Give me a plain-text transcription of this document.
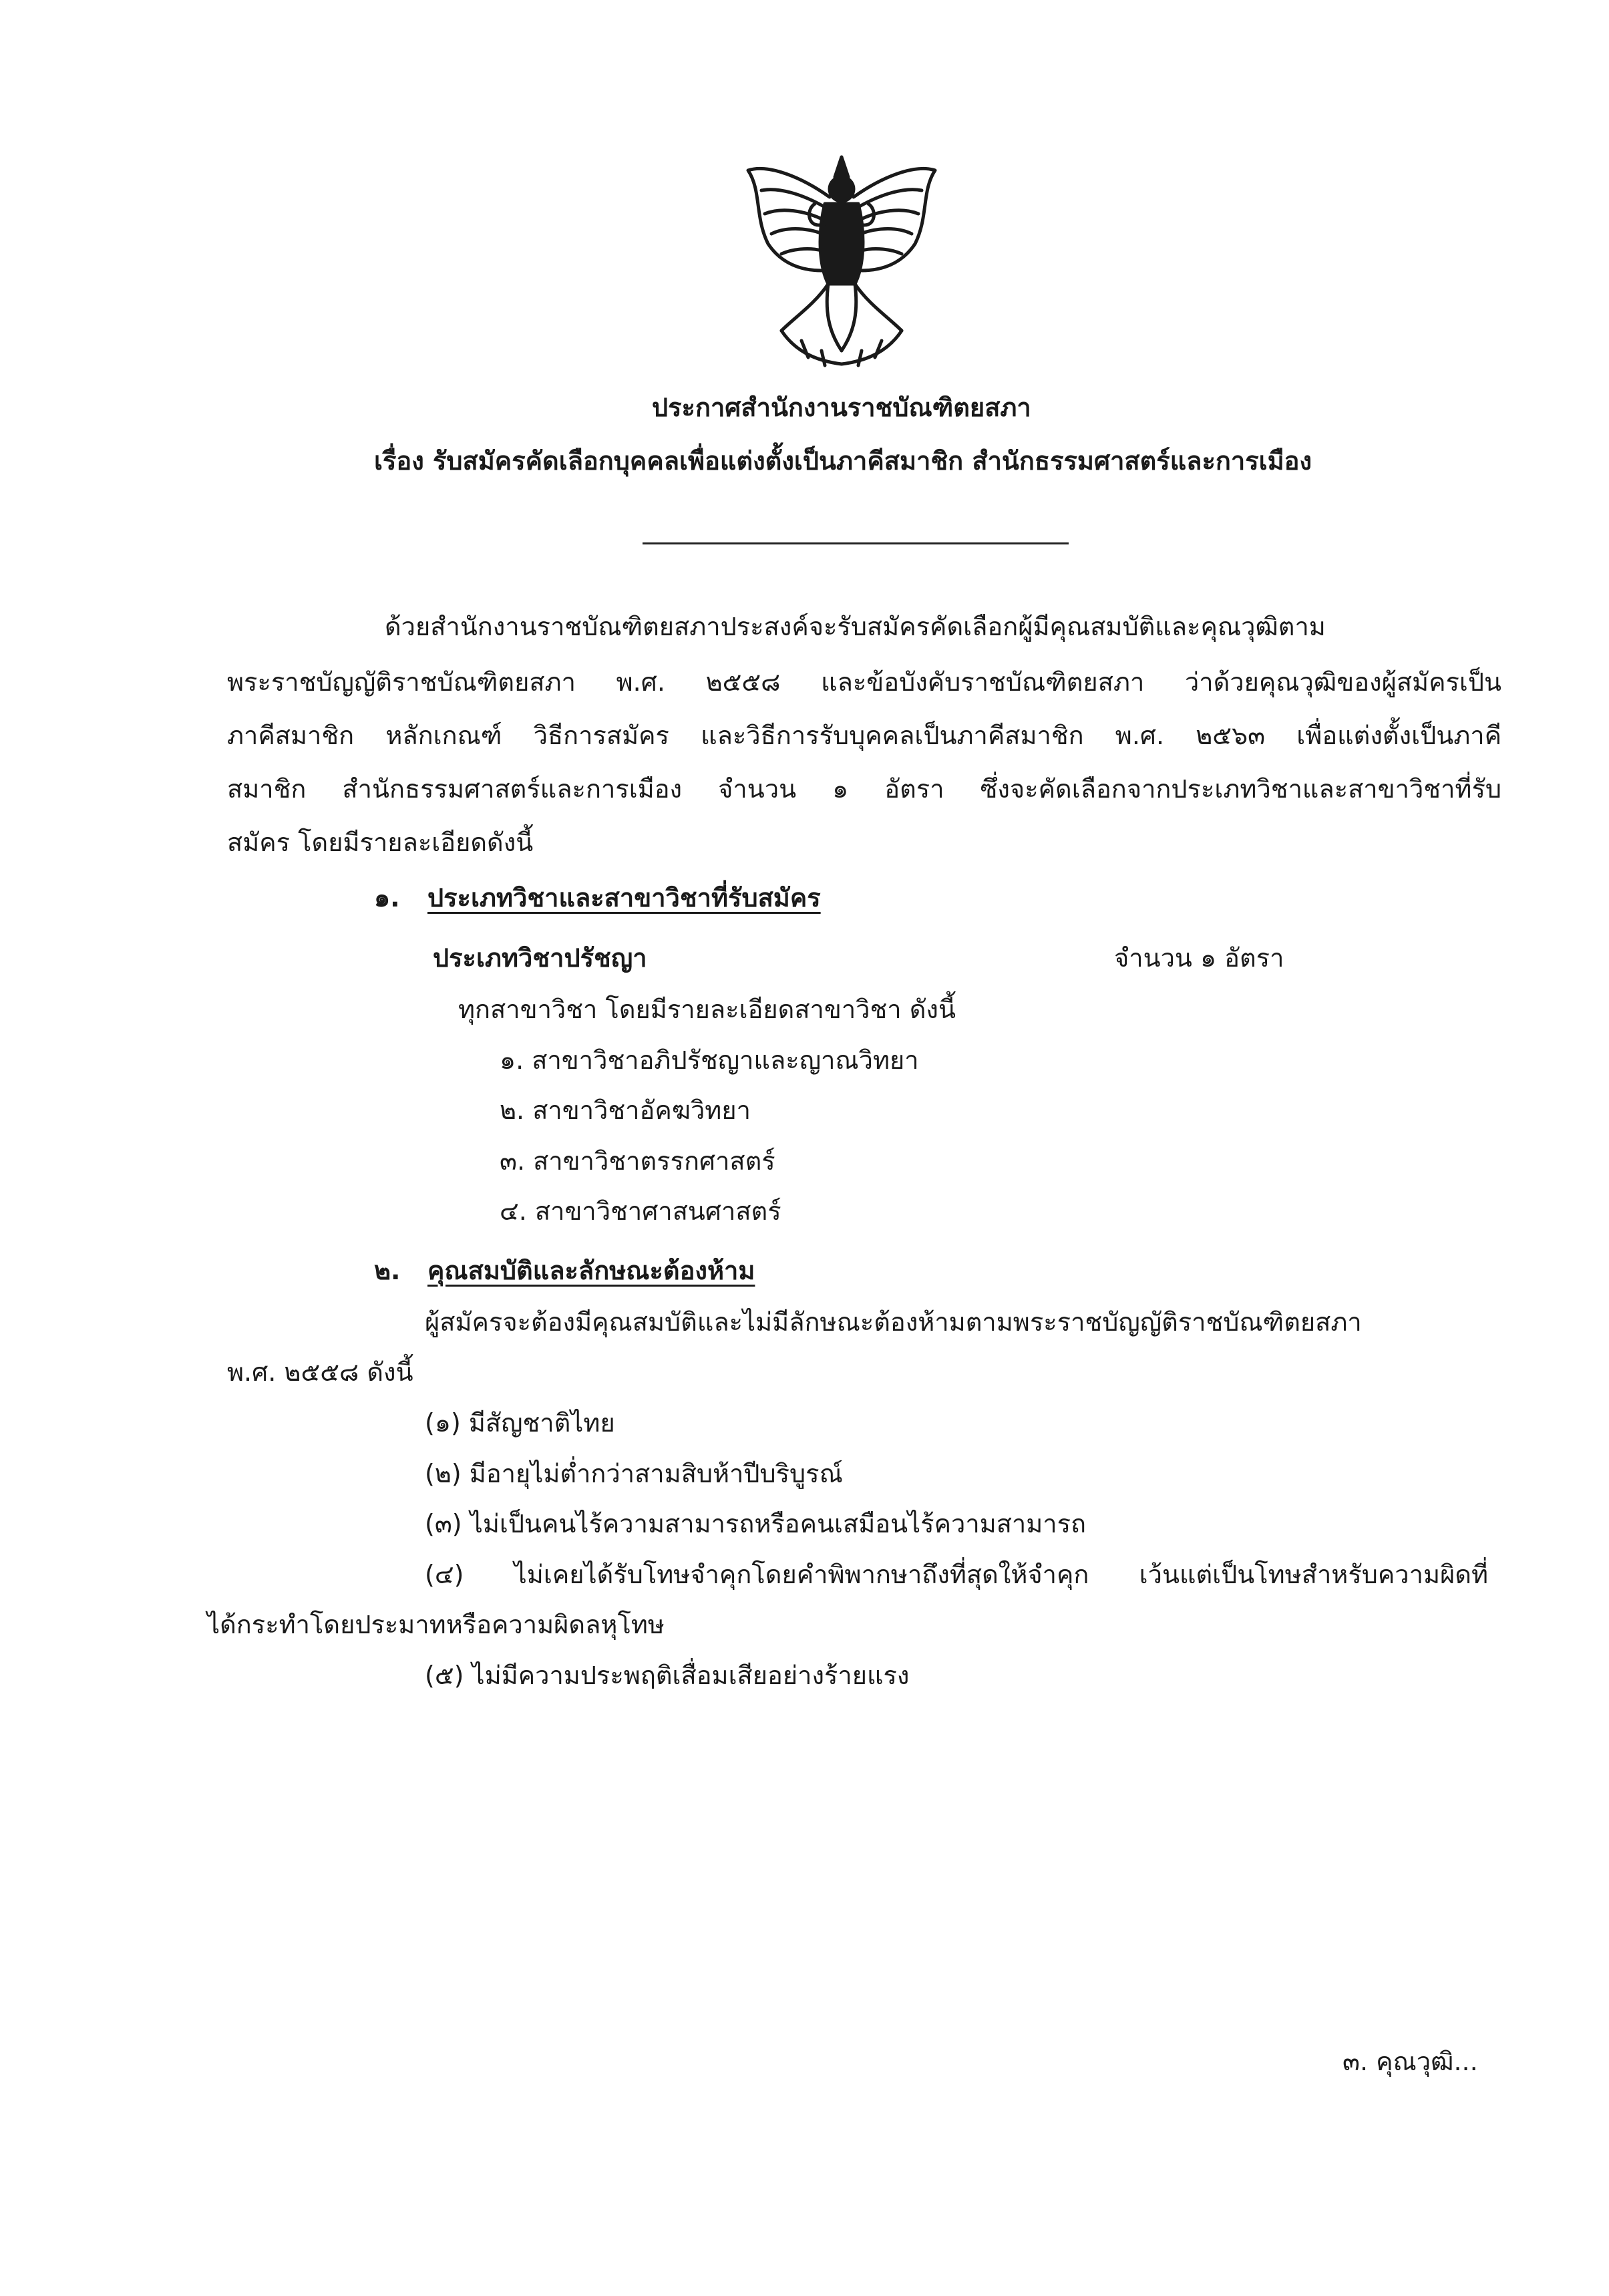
ประกาศสำนักงานราชบัณฑิตยสภา
เรื่อง รับสมัครคัดเลือกบุคคลเพื่อแต่งตั้งเป็นภาคีสมาชิก สำนักธรรมศาสตร์และการเมือง
ด้วยสำนักงานราชบัณฑิตยสภาประสงค์จะรับสมัครคัดเลือกผู้มีคุณสมบัติและคุณวุฒิตาม
พระราชบัญญัติราชบัณฑิตยสภา พ.ศ. ๒๕๕๘ และข้อบังคับราชบัณฑิตยสภา ว่าด้วยคุณวุฒิของผู้สมัครเป็น
ภาคีสมาชิก หลักเกณฑ์ วิธีการสมัคร และวิธีการรับบุคคลเป็นภาคีสมาชิก พ.ศ. ๒๕๖๓ เพื่อแต่งตั้งเป็นภาคี
สมาชิก สำนักธรรมศาสตร์และการเมือง จำนวน ๑ อัตรา ซึ่งจะคัดเลือกจากประเภทวิชาและสาขาวิชาที่รับ
สมัคร โดยมีรายละเอียดดังนี้
๑. ประเภทวิชาและสาขาวิชาที่รับสมัคร
ประเภทวิชาปรัชญา	จำนวน ๑ อัตรา
ทุกสาขาวิชา โดยมีรายละเอียดสาขาวิชา ดังนี้
๑. สาขาวิชาอภิปรัชญาและญาณวิทยา
๒. สาขาวิชาอัคฆวิทยา
๓. สาขาวิชาตรรกศาสตร์
๔. สาขาวิชาศาสนศาสตร์
๒. คุณสมบัติและลักษณะต้องห้าม
ผู้สมัครจะต้องมีคุณสมบัติและไม่มีลักษณะต้องห้ามตามพระราชบัญญัติราชบัณฑิตยสภา
พ.ศ. ๒๕๕๘ ดังนี้
(๑) มีสัญชาติไทย
(๒) มีอายุไม่ต่ำกว่าสามสิบห้าปีบริบูรณ์
(๓) ไม่เป็นคนไร้ความสามารถหรือคนเสมือนไร้ความสามารถ
(๔) ไม่เคยได้รับโทษจำคุกโดยคำพิพากษาถึงที่สุดให้จำคุก เว้นแต่เป็นโทษสำหรับความผิดที่
ได้กระทำโดยประมาทหรือความผิดลหุโทษ
(๕) ไม่มีความประพฤติเสื่อมเสียอย่างร้ายแรง
๓. คุณวุฒิ...
